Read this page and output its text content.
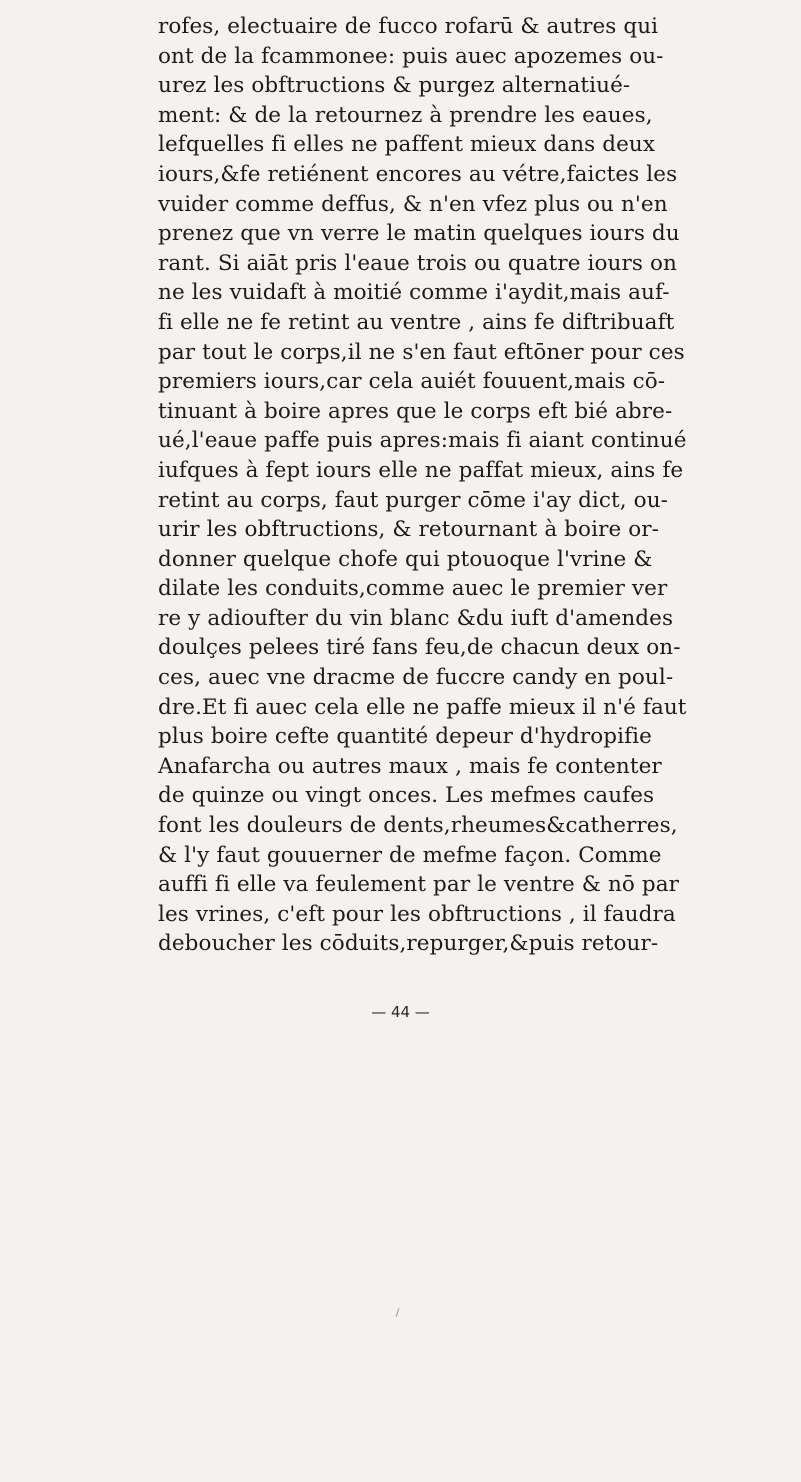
rofes, electuaire de fucco rofarū & autres qui
ont de la fcammonee: puis auec apozemes ou-
urez les obftructions & purgez alternatiué-
ment: & de la retournez à prendre les eaues,
lefquelles fi elles ne paffent mieux dans deux
iours,&fe retiénent encores au vétre,faictes les
vuider comme deffus, & n'en vfez plus ou n'en
prenez que vn verre le matin quelques iours du
rant. Si aiāt pris l'eaue trois ou quatre iours on
ne les vuidaft à moitié comme i'aydit,mais auf-
fi elle ne fe retint au ventre , ains fe diftribuaft
par tout le corps,il ne s'en faut eftōner pour ces
premiers iours,car cela auiét fouuent,mais cō-
tinuant à boire apres que le corps eft bié abre-
ué,l'eaue paffe puis apres:mais fi aiant continué
iufques à fept iours elle ne paffat mieux, ains fe
retint au corps, faut purger cōme i'ay dict, ou-
urir les obftructions, & retournant à boire or-
donner quelque chofe qui ptouoque l'vrine &
dilate les conduits,comme auec le premier ver
re y adioufter du vin blanc &du iuft d'amendes
doulçes pelees tiré fans feu,de chacun deux on-
ces, auec vne dracme de fuccre candy en poul-
dre.Et fi auec cela elle ne paffe mieux il n'é faut
plus boire cefte quantité depeur d'hydropifie
Anafarcha ou autres maux , mais fe contenter
de quinze ou vingt onces. Les mefmes caufes
font les douleurs de dents,rheumes&catherres,
& l'y faut gouuerner de mefme façon. Comme
auffi fi elle va feulement par le ventre & nō par
les vrines, c'eft pour les obftructions , il faudra
deboucher les cōduits,repurger,&puis retour-
— 44 —
